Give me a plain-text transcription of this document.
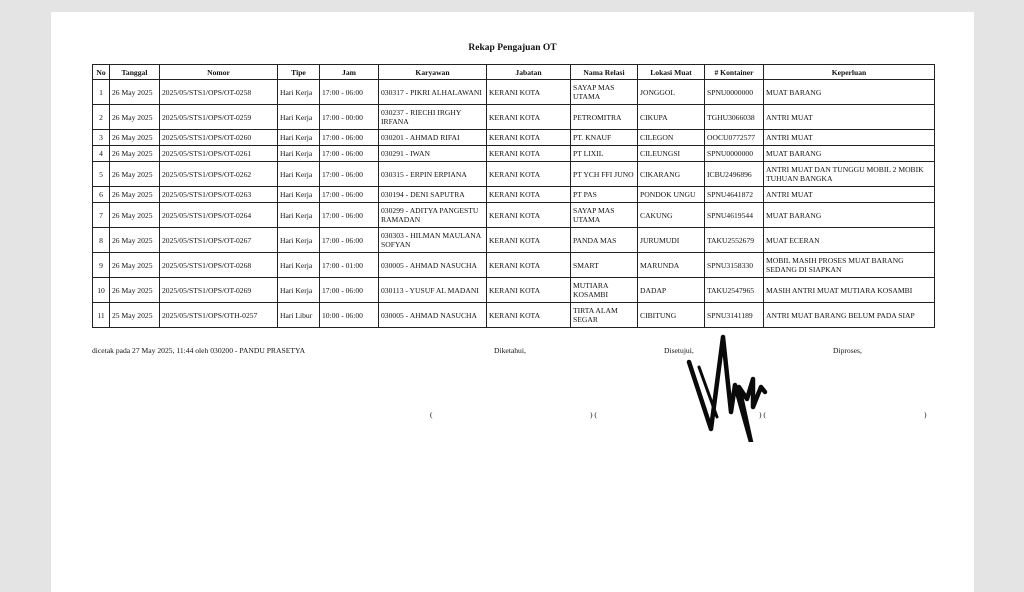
Rekap Pengajuan OT
No	Tanggal	Nomor	Tipe	Jam	Karyawan	Jabatan	Nama Relasi	Lokasi Muat	# Kontainer	Keperluan
1	26 May 2025	2025/05/STS1/OPS/OT-0258	Hari Kerja	17:00 - 06:00	030317 - PIKRI ALHALAWANI	KERANI KOTA	SAYAP MAS UTAMA	JONGGOL	SPNU0000000	MUAT BARANG
2	26 May 2025	2025/05/STS1/OPS/OT-0259	Hari Kerja	17:00 - 00:00	030237 - RIECHI IRGHY IRFANA	KERANI KOTA	PETROMITRA	CIKUPA	TGHU3066038	ANTRI MUAT
3	26 May 2025	2025/05/STS1/OPS/OT-0260	Hari Kerja	17:00 - 06:00	030201 - AHMAD RIFAI	KERANI KOTA	PT. KNAUF	CILEGON	OOCU0772577	ANTRI MUAT
4	26 May 2025	2025/05/STS1/OPS/OT-0261	Hari Kerja	17:00 - 06:00	030291 - IWAN	KERANI KOTA	PT LIXIL	CILEUNGSI	SPNU0000000	MUAT BARANG
5	26 May 2025	2025/05/STS1/OPS/OT-0262	Hari Kerja	17:00 - 06:00	030315 - ERPIN ERPIANA	KERANI KOTA	PT YCH FFI JUNO	CIKARANG	ICBU2496896	ANTRI MUAT DAN TUNGGU MOBIL 2 MOBIK TUHUAN BANGKA
6	26 May 2025	2025/05/STS1/OPS/OT-0263	Hari Kerja	17:00 - 06:00	030194 - DENI SAPUTRA	KERANI KOTA	PT PAS	PONDOK UNGU	SPNU4641872	ANTRI MUAT
7	26 May 2025	2025/05/STS1/OPS/OT-0264	Hari Kerja	17:00 - 06:00	030299 - ADITYA PANGESTU RAMADAN	KERANI KOTA	SAYAP MAS UTAMA	CAKUNG	SPNU4619544	MUAT BARANG
8	26 May 2025	2025/05/STS1/OPS/OT-0267	Hari Kerja	17:00 - 06:00	030303 - HILMAN MAULANA SOFYAN	KERANI KOTA	PANDA MAS	JURUMUDI	TAKU2552679	MUAT ECERAN
9	26 May 2025	2025/05/STS1/OPS/OT-0268	Hari Kerja	17:00 - 01:00	030005 - AHMAD NASUCHA	KERANI KOTA	SMART	MARUNDA	SPNU3158330	MOBIL MASIH PROSES MUAT BARANG SEDANG DI SIAPKAN
10	26 May 2025	2025/05/STS1/OPS/OT-0269	Hari Kerja	17:00 - 06:00	030113 - YUSUF AL MADANI	KERANI KOTA	MUTIARA KOSAMBI	DADAP	TAKU2547965	MASIH ANTRI MUAT MUTIARA KOSAMBI
11	25 May 2025	2025/05/STS1/OPS/OTH-0257	Hari Libur	10:00 - 06:00	030005 - AHMAD NASUCHA	KERANI KOTA	TIRTA ALAM SEGAR	CIBITUNG	SPNU3141189	ANTRI MUAT BARANG BELUM PADA SIAP
dicetak pada 27 May 2025, 11:44 oleh 030200 - PANDU PRASETYA	Diketahui,	Disetujui,	Diproses,
(	) (	) (	)
